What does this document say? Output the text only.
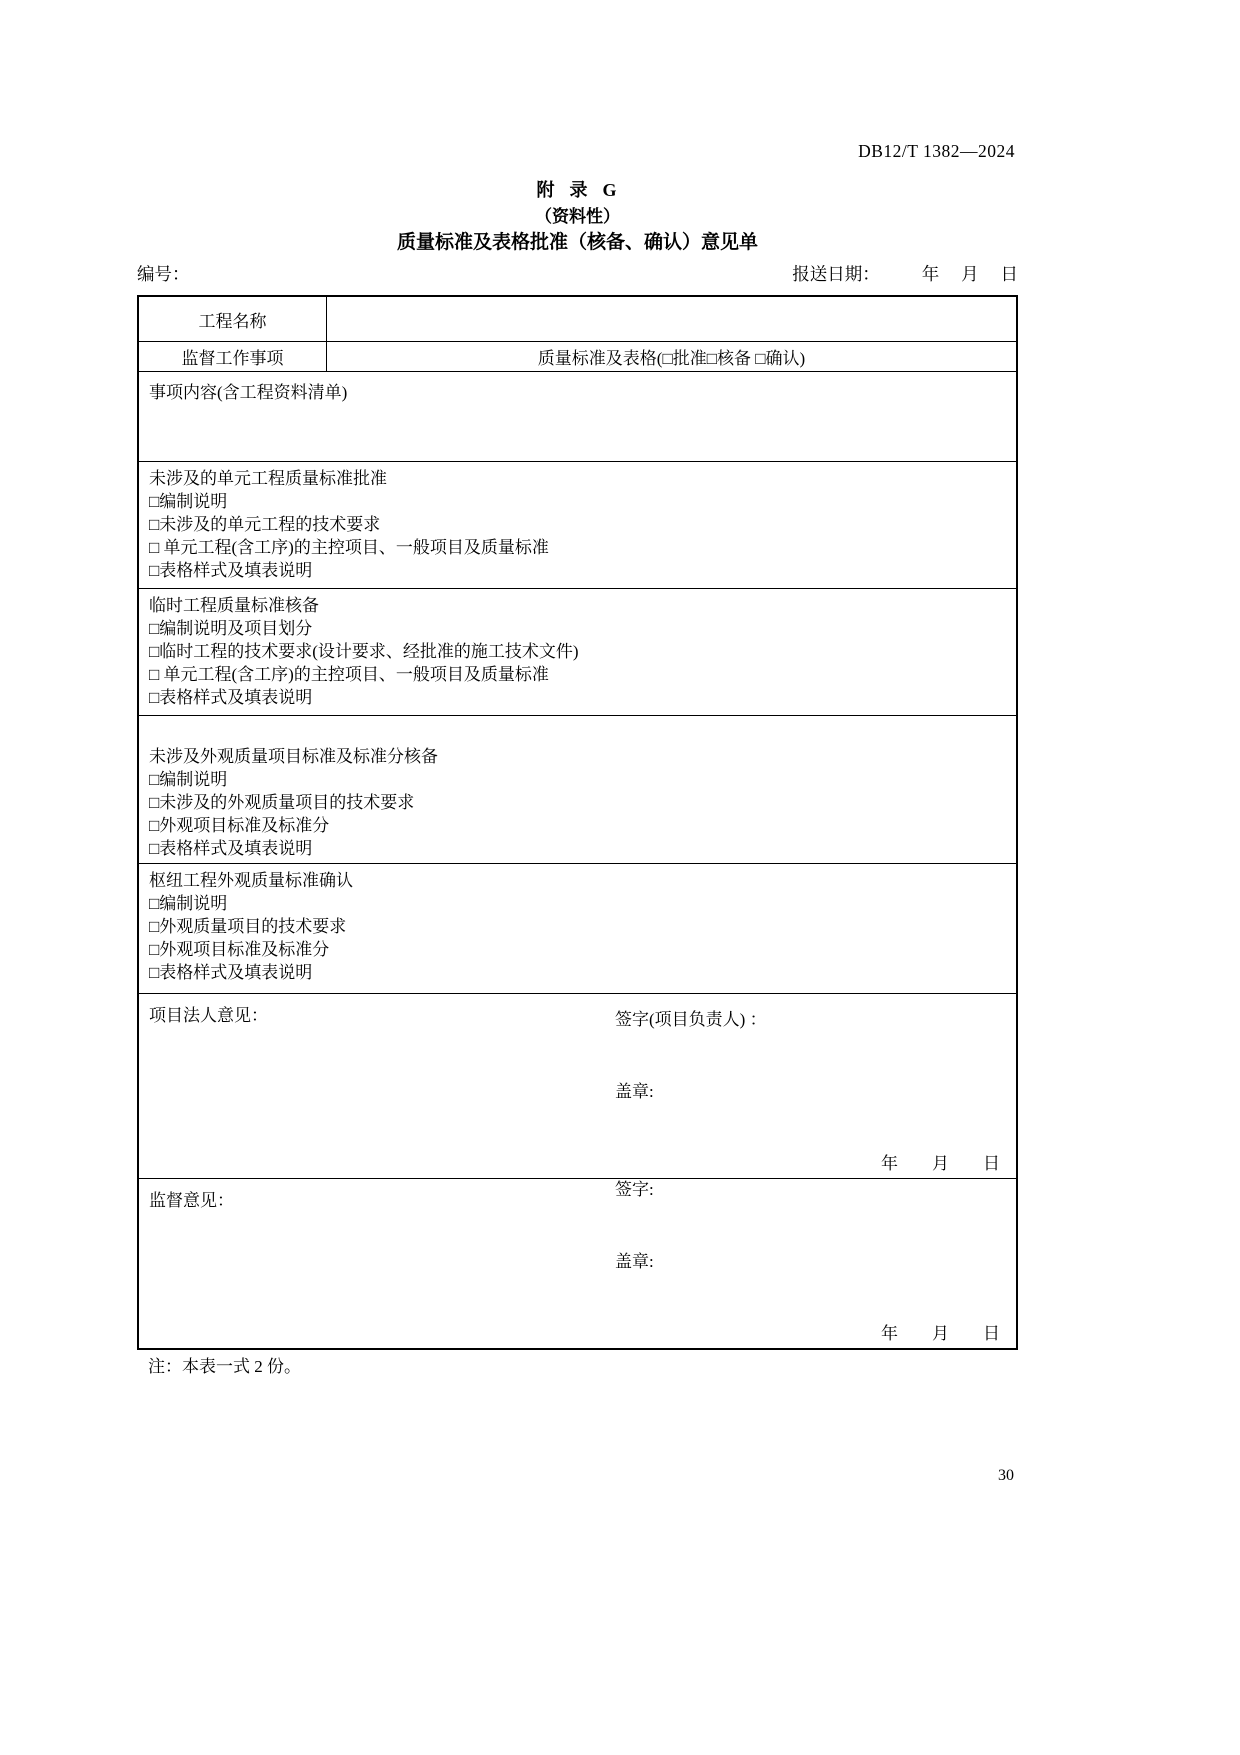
DB12/T 1382—2024
附  录  G
（资料性）
质量标准及表格批准（核备、确认）意见单
编号：	报送日期： 年　 月　 日
工程名称
监督工作事项	质量标准及表格(□批准□核备 □确认)
事项内容(含工程资料清单)
未涉及的单元工程质量标准批准
□编制说明
□未涉及的单元工程的技术要求
□ 单元工程(含工序)的主控项目、一般项目及质量标准
□表格样式及填表说明
临时工程质量标准核备
□编制说明及项目划分
□临时工程的技术要求(设计要求、经批准的施工技术文件)
□ 单元工程(含工序)的主控项目、一般项目及质量标准
□表格样式及填表说明
未涉及外观质量项目标准及标准分核备
□编制说明
□未涉及的外观质量项目的技术要求
□外观项目标准及标准分
□表格样式及填表说明
枢纽工程外观质量标准确认
□编制说明
□外观质量项目的技术要求
□外观项目标准及标准分
□表格样式及填表说明
项目法人意见：

	签字(项目负责人) ：

盖章:

年　　月　　日
监督意见：

签字:

盖章:

年　　月　　日
注：本表一式 2 份。
30
